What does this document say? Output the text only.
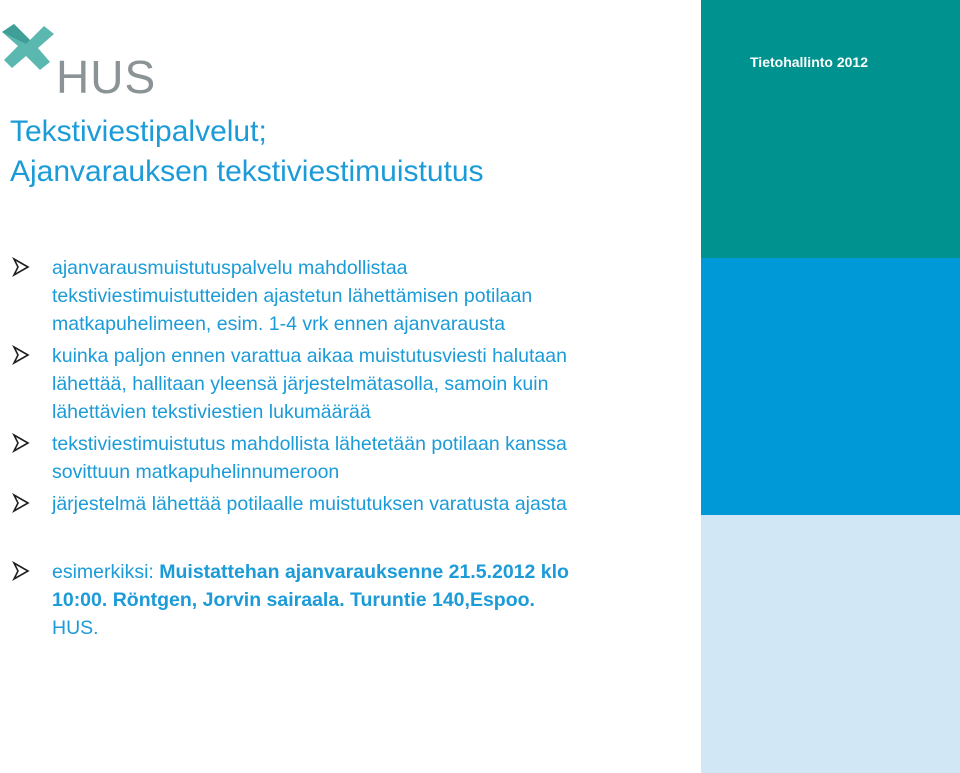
Tietohallinto 2012
HUS
Tekstiviestipalvelut;
Ajanvarauksen tekstiviestimuistutus
ajanvarausmuistutuspalvelu mahdollistaa
tekstiviestimuistutteiden ajastetun lähettämisen potilaan
matkapuhelimeen, esim. 1-4 vrk ennen ajanvarausta
kuinka paljon ennen varattua aikaa muistutusviesti halutaan
lähettää, hallitaan yleensä järjestelmätasolla, samoin kuin
lähettävien tekstiviestien lukumäärää
tekstiviestimuistutus mahdollista lähetetään potilaan kanssa
sovittuun matkapuhelinnumeroon
järjestelmä lähettää potilaalle muistutuksen varatusta ajasta
esimerkiksi: Muistattehan ajanvarauksenne 21.5.2012 klo
10:00. Röntgen, Jorvin sairaala. Turuntie 140,Espoo.
HUS.
